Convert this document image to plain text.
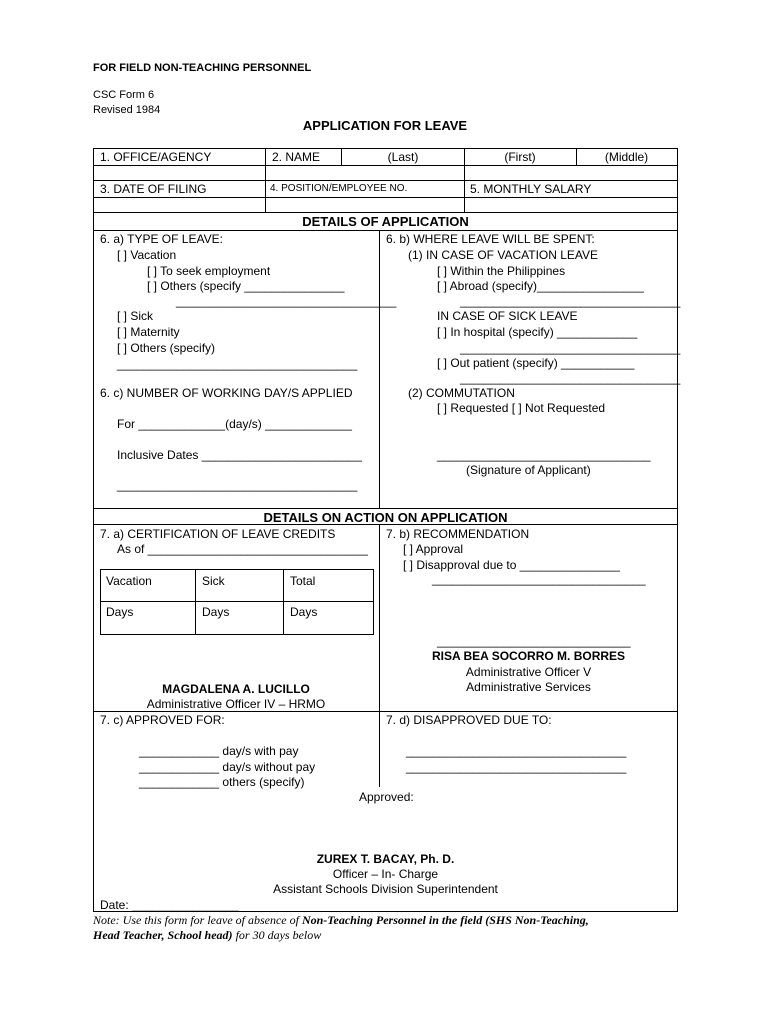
FOR FIELD NON-TEACHING PERSONNEL
CSC Form 6
Revised 1984
APPLICATION FOR LEAVE
1. OFFICE/AGENCY	2. NAME	(Last)	(First)	(Middle)
3. DATE OF FILING	4. POSITION/EMPLOYEE NO.	5. MONTHLY SALARY
DETAILS OF APPLICATION
6. a) TYPE OF LEAVE:
[ ] Vacation
[ ] To seek employment
[ ] Others (specify _______________
_________________________________
[ ] Sick
[ ] Maternity
[ ] Others (specify)
____________________________________
6. b) WHERE LEAVE WILL BE SPENT:
(1) IN CASE OF VACATION LEAVE
[ ] Within the Philippines
[ ] Abroad (specify)________________
_________________________________
IN CASE OF SICK LEAVE
[ ] In hospital (specify) ____________
_________________________________
[ ] Out patient (specify) ___________
_________________________________
6. c) NUMBER OF WORKING DAY/S APPLIED
For _____________(day/s) _____________
Inclusive Dates ________________________
____________________________________
(2) COMMUTATION
[ ] Requested [ ] Not Requested
________________________________
(Signature of Applicant)
DETAILS ON ACTION ON APPLICATION
7. a) CERTIFICATION OF LEAVE CREDITS
As of _________________________________
Vacation	Sick	Total
Days	Days	Days
7. b) RECOMMENDATION
[ ] Approval
[ ] Disapproval due to _______________
________________________________
_____________________________
RISA BEA SOCORRO M. BORRES
Administrative Officer V
Administrative Services
MAGDALENA A. LUCILLO
Administrative Officer IV – HRMO
7. c) APPROVED FOR:
____________ day/s with pay
____________ day/s without pay
____________ others (specify)
7. d) DISAPPROVED DUE TO:
_________________________________
_________________________________
Approved:
ZUREX T. BACAY, Ph. D.
Officer – In- Charge
Assistant Schools Division Superintendent
Date: ________________
Note: Use this form for leave of absence of Non-Teaching Personnel in the field (SHS Non-Teaching,
Head Teacher, School head) for 30 days below
